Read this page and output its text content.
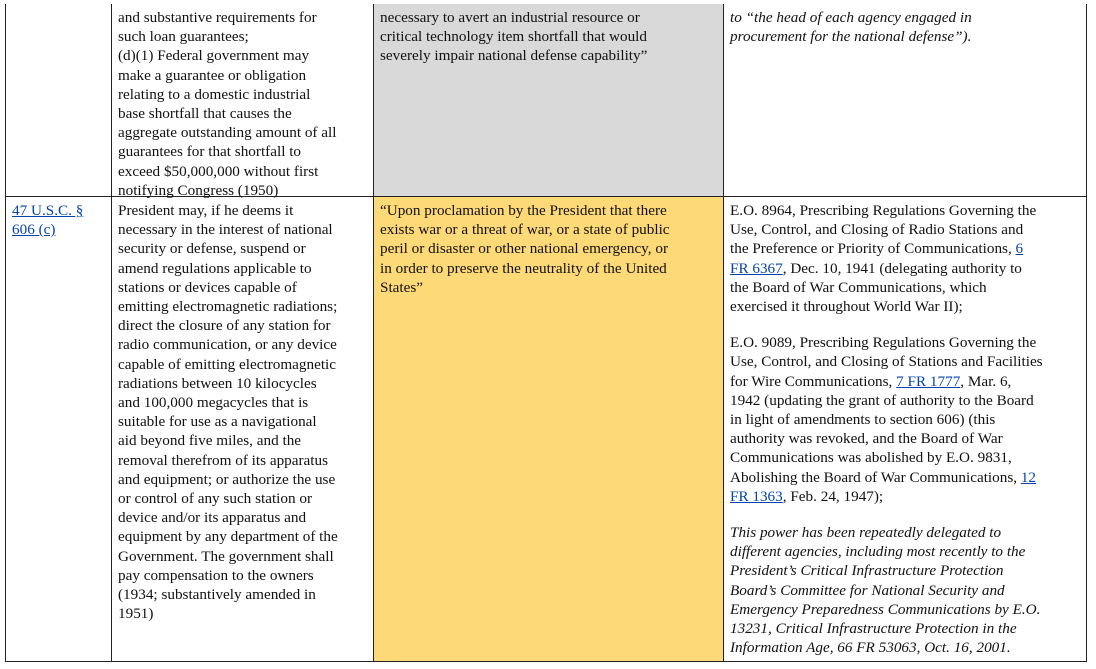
and substantive requirements for
such loan guarantees;
(d)(1) Federal government may
make a guarantee or obligation
relating to a domestic industrial
base shortfall that causes the
aggregate outstanding amount of all
guarantees for that shortfall to
exceed $50,000,000 without first
notifying Congress (1950)
necessary to avert an industrial resource or
critical technology item shortfall that would
severely impair national defense capability”
to “the head of each agency engaged in
procurement for the national defense”).
47 U.S.C. § 606 (c)
President may, if he deems it
necessary in the interest of national
security or defense, suspend or
amend regulations applicable to
stations or devices capable of
emitting electromagnetic radiations;
direct the closure of any station for
radio communication, or any device
capable of emitting electromagnetic
radiations between 10 kilocycles
and 100,000 megacycles that is
suitable for use as a navigational
aid beyond five miles, and the
removal therefrom of its apparatus
and equipment; or authorize the use
or control of any such station or
device and/or its apparatus and
equipment by any department of the
Government. The government shall
pay compensation to the owners
(1934; substantively amended in
1951)
“Upon proclamation by the President that there
exists war or a threat of war, or a state of public
peril or disaster or other national emergency, or
in order to preserve the neutrality of the United
States”

E.O. 8964, Prescribing Regulations Governing the
Use, Control, and Closing of Radio Stations and
the Preference or Priority of Communications, 6
FR 6367, Dec. 10, 1941 (delegating authority to
the Board of War Communications, which
exercised it throughout World War II);

E.O. 9089, Prescribing Regulations Governing the
Use, Control, and Closing of Stations and Facilities
for Wire Communications, 7 FR 1777, Mar. 6,
1942 (updating the grant of authority to the Board
in light of amendments to section 606) (this
authority was revoked, and the Board of War
Communications was abolished by E.O. 9831,
Abolishing the Board of War Communications, 12
FR 1363, Feb. 24, 1947);

This power has been repeatedly delegated to
different agencies, including most recently to the
President’s Critical Infrastructure Protection
Board’s Committee for National Security and
Emergency Preparedness Communications by E.O.
13231, Critical Infrastructure Protection in the
Information Age, 66 FR 53063, Oct. 16, 2001.
